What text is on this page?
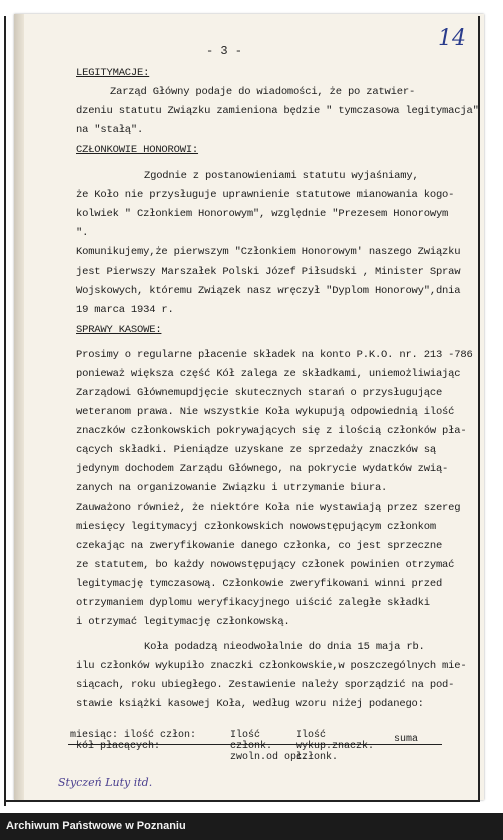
- 3 -	14
LEGITYMACJE:
Zarząd Główny podaje do wiadomości, że po zatwier-
dzeniu statutu Związku zamieniona będzie " tymczasowa legitymacja"
na "stałą".
CZŁONKOWIE HONOROWI:
Zgodnie z postanowieniami statutu wyjaśniamy,
że Koło nie przysługuje uprawnienie statutowe mianowania kogo-
kolwiek " Członkiem Honorowym", względnie "Prezesem Honorowym
".
Komunikujemy,że pierwszym "Członkiem Honorowym' naszego Związku
jest Pierwszy Marszałek Polski Józef Piłsudski , Minister Spraw
Wojskowych, któremu Związek nasz wręczył "Dyplom Honorowy",dnia
19 marca 1934 r.
SPRAWY KASOWE:
Prosimy o regularne płacenie składek na konto P.K.O. nr. 213 -786
ponieważ większa część Kół zalega ze składkami, uniemożliwiając
Zarządowi Głównemupdjęcie skutecznych starań o przysługujące
weteranom prawa. Nie wszystkie Koła wykupują odpowiednią ilość
znaczków członkowskich pokrywających się z ilością członków pła-
cących składki. Pieniądze uzyskane ze sprzedaży znaczków są
jedynym dochodem Zarządu Głównego, na pokrycie wydatków zwią-
zanych na organizowanie Związku i utrzymanie biura.
Zauważono również, że niektóre Koła nie wystawiają przez szereg
miesięcy legitymacyj członkowskich nowowstępującym członkom
czekając na zweryfikowanie danego członka, co jest sprzeczne
ze statutem, bo każdy nowowstępujący członek powinien otrzymać
legitymację tymczasową. Członkowie zweryfikowani winni przed
otrzymaniem dyplomu weryfikacyjnego uiścić zaległe składki
i otrzymać legitymację członkowską.
Koła podadzą nieodwołalnie do dnia 15 maja rb.
ilu członków wykupiło znaczki członkowskie,w poszczególnych mie-
siącach, roku ubiegłego. Zestawienie należy sporządzić na pod-
stawie książki kasowej Koła, według wzoru niżej podanego:
miesiąc: ilość człon:
kół płacących:
Ilość
członk.
zwoln.od opł.
Ilość
wykup.znaczk.
członk.
suma
Styczeń Luty itd.
Archiwum Państwowe w Poznaniu
